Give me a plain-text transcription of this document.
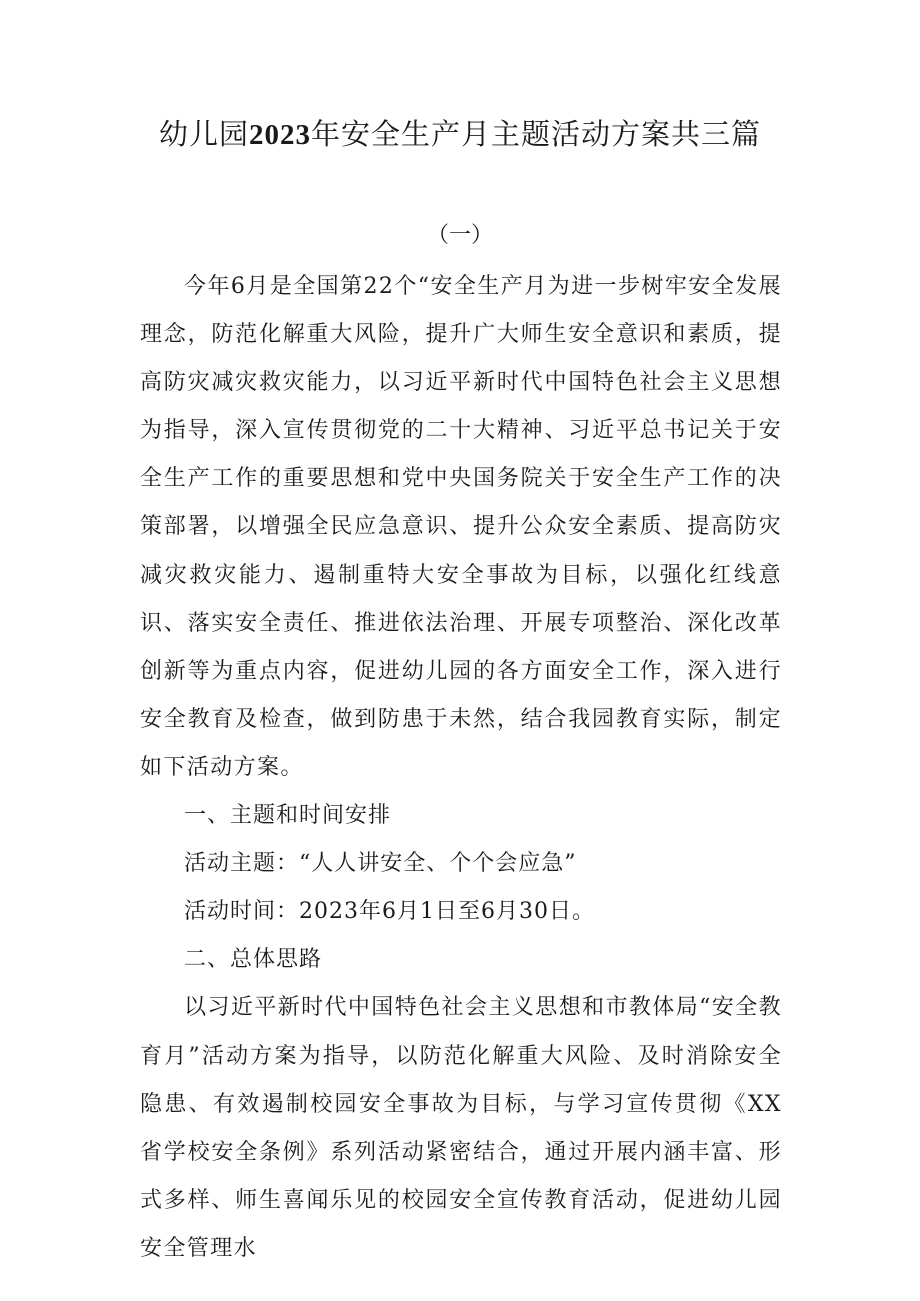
幼儿园2023年安全生产月主题活动方案共三篇

（一）

今年6月是全国第22个“安全生产月为进一步树牢安全发展理念，防范化解重大风险，提升广大师生安全意识和素质，提高防灾减灾救灾能力，以习近平新时代中国特色社会主义思想为指导，深入宣传贯彻党的二十大精神、习近平总书记关于安全生产工作的重要思想和党中央国务院关于安全生产工作的决策部署，以增强全民应急意识、提升公众安全素质、提高防灾减灾救灾能力、遏制重特大安全事故为目标，以强化红线意识、落实安全责任、推进依法治理、开展专项整治、深化改革创新等为重点内容，促进幼儿园的各方面安全工作，深入进行安全教育及检查，做到防患于未然，结合我园教育实际，制定如下活动方案。

一、主题和时间安排

活动主题：“人人讲安全、个个会应急”

活动时间：2023年6月1日至6月30日。

二、总体思路

以习近平新时代中国特色社会主义思想和市教体局“安全教育月”活动方案为指导，以防范化解重大风险、及时消除安全隐患、有效遏制校园安全事故为目标，与学习宣传贯彻《XX省学校安全条例》系列活动紧密结合，通过开展内涵丰富、形式多样、师生喜闻乐见的校园安全宣传教育活动，促进幼儿园安全管理水
